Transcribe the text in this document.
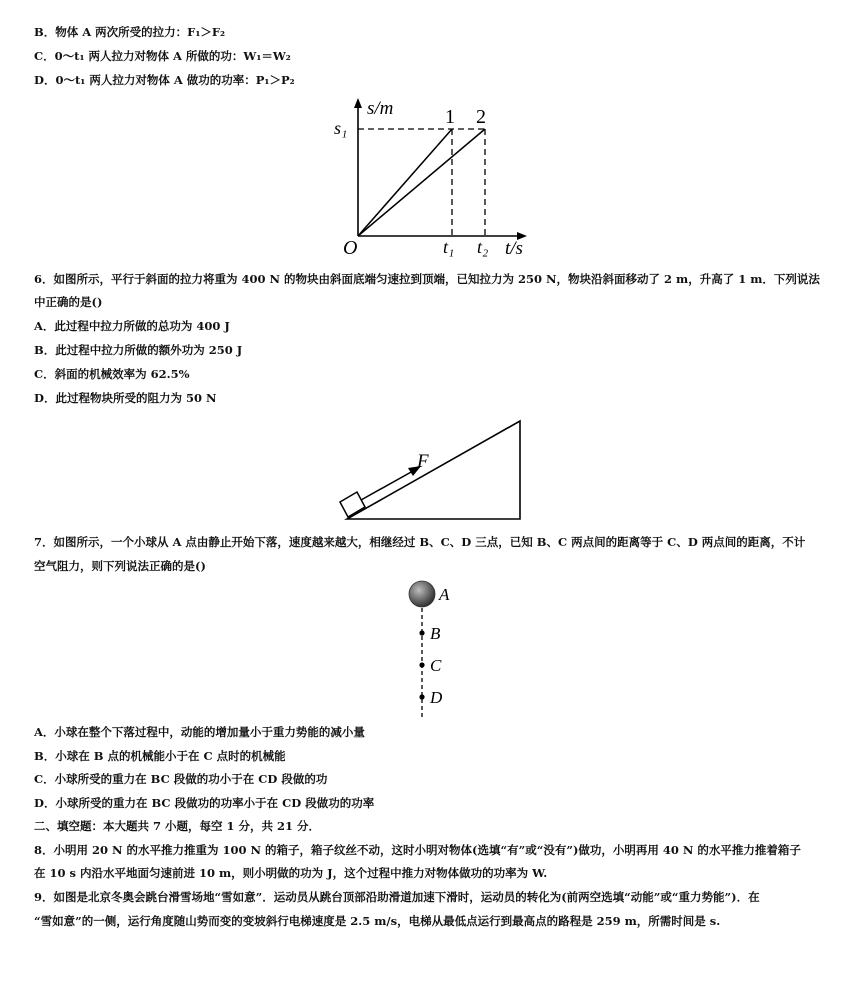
B．物体 A 两次所受的拉力：F₁＞F₂
C．0～t₁ 两人拉力对物体 A 所做的功：W₁＝W₂
D．0～t₁ 两人拉力对物体 A 做功的功率：P₁＞P₂
s/m
t/s
O
s₁
t₁ t₂
1 2
6．如图所示，平行于斜面的拉力将重为 400 N 的物块由斜面底端匀速拉到顶端，已知拉力为 250 N，物块沿斜面移动了 2 m，升高了 1 m．下列说法
中正确的是()
A．此过程中拉力所做的总功为 400 J
B．此过程中拉力所做的额外功为 250 J
C．斜面的机械效率为 62.5%
D．此过程物块所受的阻力为 50 N
F
7．如图所示，一个小球从 A 点由静止开始下落，速度越来越大，相继经过 B、C、D 三点，已知 B、C 两点间的距离等于 C、D 两点间的距离，不计
空气阻力，则下列说法正确的是()
A
B
C
D
A．小球在整个下落过程中，动能的增加量小于重力势能的减小量
B．小球在 B 点的机械能小于在 C 点时的机械能
C．小球所受的重力在 BC 段做的功小于在 CD 段做的功
D．小球所受的重力在 BC 段做功的功率小于在 CD 段做功的功率
二、填空题：本大题共 7 小题，每空 1 分，共 21 分．
8．小明用 20 N 的水平推力推重为 100 N 的箱子，箱子纹丝不动，这时小明对物体(选填“有”或“没有”)做功，小明再用 40 N 的水平推力推着箱子
在 10 s 内沿水平地面匀速前进 10 m，则小明做的功为 J，这个过程中推力对物体做功的功率为 W.
9．如图是北京冬奥会跳台滑雪场地“雪如意”．运动员从跳台顶部沿助滑道加速下滑时，运动员的转化为(前两空选填“动能”或“重力势能”)．在
“雪如意”的一侧，运行角度随山势而变的变坡斜行电梯速度是 2.5 m/s，电梯从最低点运行到最高点的路程是 259 m，所需时间是 s.
